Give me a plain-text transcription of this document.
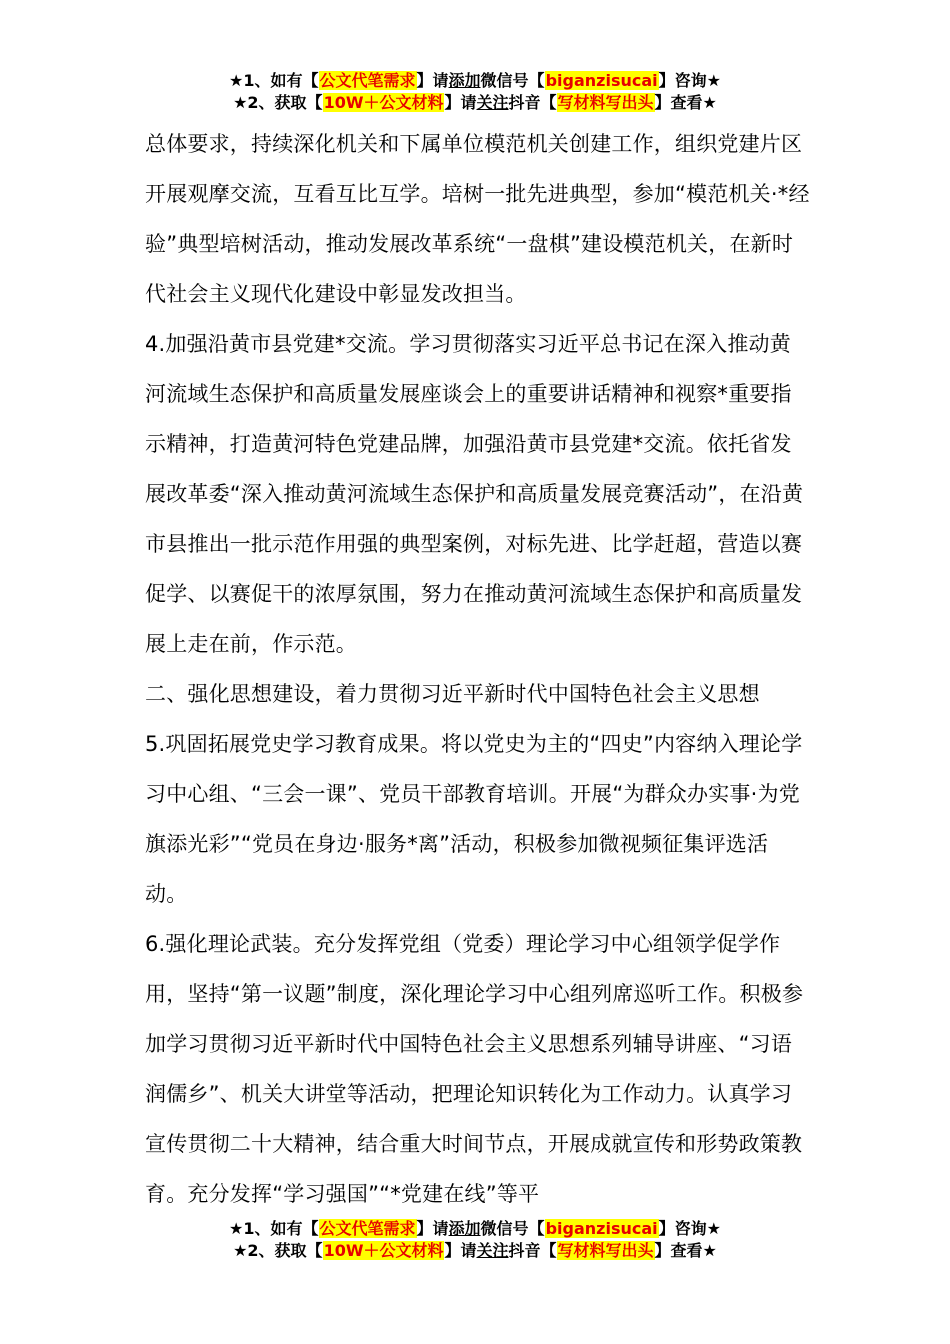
★1、如有【公文代笔需求】请添加微信号【biganzisucai】咨询★
★2、获取【10W＋公文材料】请关注抖音【写材料写出头】查看★

总体要求，持续深化机关和下属单位模范机关创建工作，组织党建片区开展观摩交流，互看互比互学。培树一批先进典型，参加“模范机关·*经验”典型培树活动，推动发展改革系统“一盘棋”建设模范机关，在新时代社会主义现代化建设中彰显发改担当。

4.加强沿黄市县党建*交流。学习贯彻落实习近平总书记在深入推动黄河流域生态保护和高质量发展座谈会上的重要讲话精神和视察*重要指示精神，打造黄河特色党建品牌，加强沿黄市县党建*交流。依托省发展改革委“深入推动黄河流域生态保护和高质量发展竞赛活动”，在沿黄市县推出一批示范作用强的典型案例，对标先进、比学赶超，营造以赛促学、以赛促干的浓厚氛围，努力在推动黄河流域生态保护和高质量发展上走在前，作示范。

二、强化思想建设，着力贯彻习近平新时代中国特色社会主义思想

5.巩固拓展党史学习教育成果。将以党史为主的“四史”内容纳入理论学习中心组、“三会一课”、党员干部教育培训。开展“为群众办实事·为党旗添光彩”“党员在身边·服务*离”活动，积极参加微视频征集评选活动。

6.强化理论武装。充分发挥党组（党委）理论学习中心组领学促学作用，坚持“第一议题”制度，深化理论学习中心组列席巡听工作。积极参加学习贯彻习近平新时代中国特色社会主义思想系列辅导讲座、“习语润儒乡”、机关大讲堂等活动，把理论知识转化为工作动力。认真学习宣传贯彻二十大精神，结合重大时间节点，开展成就宣传和形势政策教育。充分发挥“学习强国”“*党建在线”等平

★1、如有【公文代笔需求】请添加微信号【biganzisucai】咨询★
★2、获取【10W＋公文材料】请关注抖音【写材料写出头】查看★
